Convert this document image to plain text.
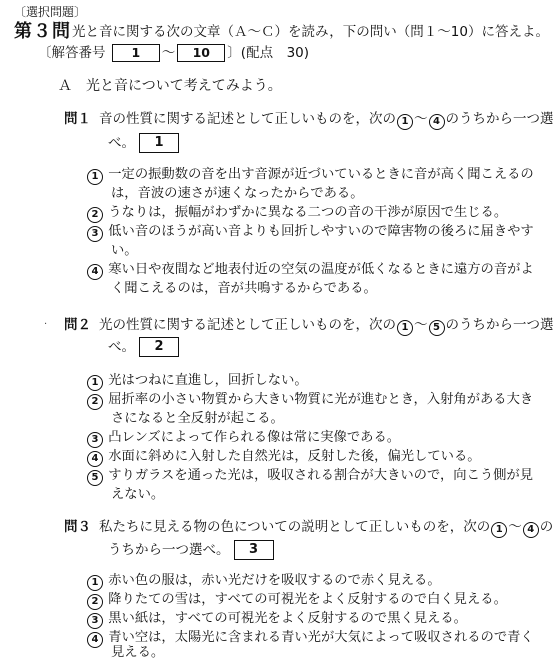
〔選択問題〕
第３問 光と音に関する次の文章（Ａ～Ｃ）を読み，下の問い（問１～10）に答えよ。
〔解答番号 1 ～ 10 〕(配点　30)
Ａ　光と音について考えてみよう。
問１ 音の性質に関する記述として正しいものを，次の 1 ～ 4 のうちから一つ選
べ。 1
1 一定の振動数の音を出す音源が近づいているときに音が高く聞こえるの
は，音波の速さが速くなったからである。
2 うなりは，振幅がわずかに異なる二つの音の干渉が原因で生じる。
3 低い音のほうが高い音よりも回折しやすいので障害物の後ろに届きやす
い。
4 寒い日や夜間など地表付近の空気の温度が低くなるときに遠方の音がよ
く聞こえるのは，音が共鳴するからである。
· 問２ 光の性質に関する記述として正しいものを，次の 1 ～ 5 のうちから一つ選
べ。 2
1 光はつねに直進し，回折しない。
2 屈折率の小さい物質から大きい物質に光が進むとき，入射角がある大き
さになると全反射が起こる。
3 凸レンズによって作られる像は常に実像である。
4 水面に斜めに入射した自然光は，反射した後，偏光している。
5 すりガラスを通った光は，吸収される割合が大きいので，向こう側が見
えない。
問３ 私たちに見える物の色についての説明として正しいものを，次の 1 ～ 4 の
うちから一つ選べ。 3
1 赤い色の服は，赤い光だけを吸収するので赤く見える。
2 降りたての雪は，すべての可視光をよく反射するので白く見える。
3 黒い紙は，すべての可視光をよく反射するので黒く見える。
4 青い空は，太陽光に含まれる青い光が大気によって吸収されるので青く
見える。
